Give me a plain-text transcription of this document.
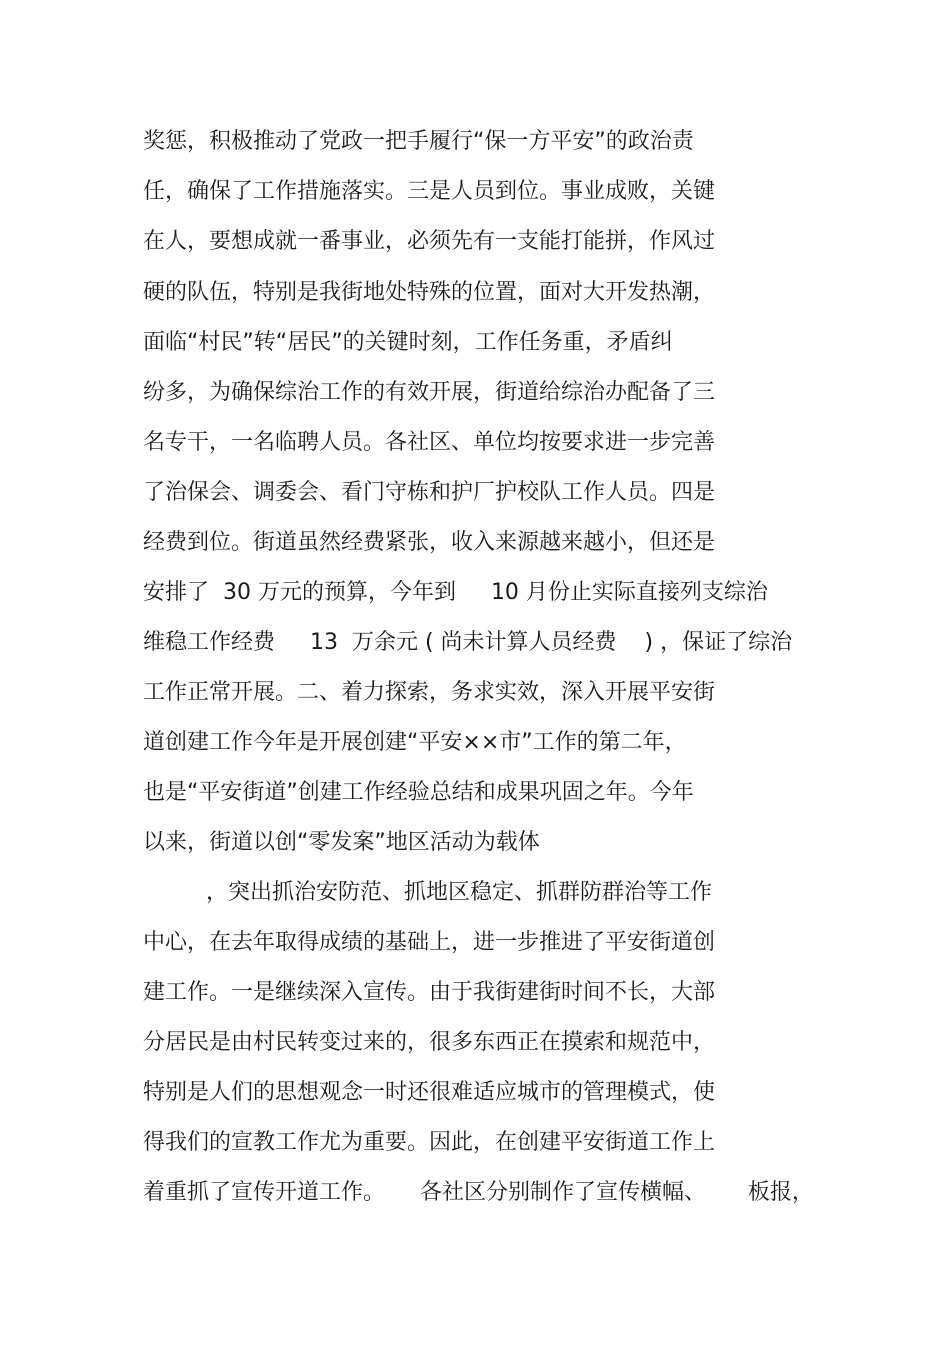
奖惩，积极推动了党政一把手履行“保一方平安”的政治责
任，确保了工作措施落实。三是人员到位。事业成败，关键
在人，要想成就一番事业，必须先有一支能打能拼，作风过
硬的队伍，特别是我街地处特殊的位置，面对大开发热潮，
面临“村民”转“居民”的关键时刻，工作任务重，矛盾纠
纷多，为确保综治工作的有效开展，街道给综治办配备了三
名专干，一名临聘人员。各社区、单位均按要求进一步完善
了治保会、调委会、看门守栋和护厂护校队工作人员。四是
经费到位。街道虽然经费紧张，收入来源越来越小，但还是
安排了  30 万元的预算，今年到     10 月份止实际直接列支综治
维稳工作经费     13  万余元 ( 尚未计算人员经费    ) ，保证了综治
工作正常开展。二、着力探索，务求实效，深入开展平安街
道创建工作今年是开展创建“平安××市”工作的第二年，
也是“平安街道”创建工作经验总结和成果巩固之年。今年
以来，街道以创“零发案”地区活动为载体
，突出抓治安防范、抓地区稳定、抓群防群治等工作
中心，在去年取得成绩的基础上，进一步推进了平安街道创
建工作。一是继续深入宣传。由于我街建街时间不长，大部
分居民是由村民转变过来的，很多东西正在摸索和规范中，
特别是人们的思想观念一时还很难适应城市的管理模式，使
得我们的宣教工作尤为重要。因此，在创建平安街道工作上
着重抓了宣传开道工作。     各社区分别制作了宣传横幅、      板报，
